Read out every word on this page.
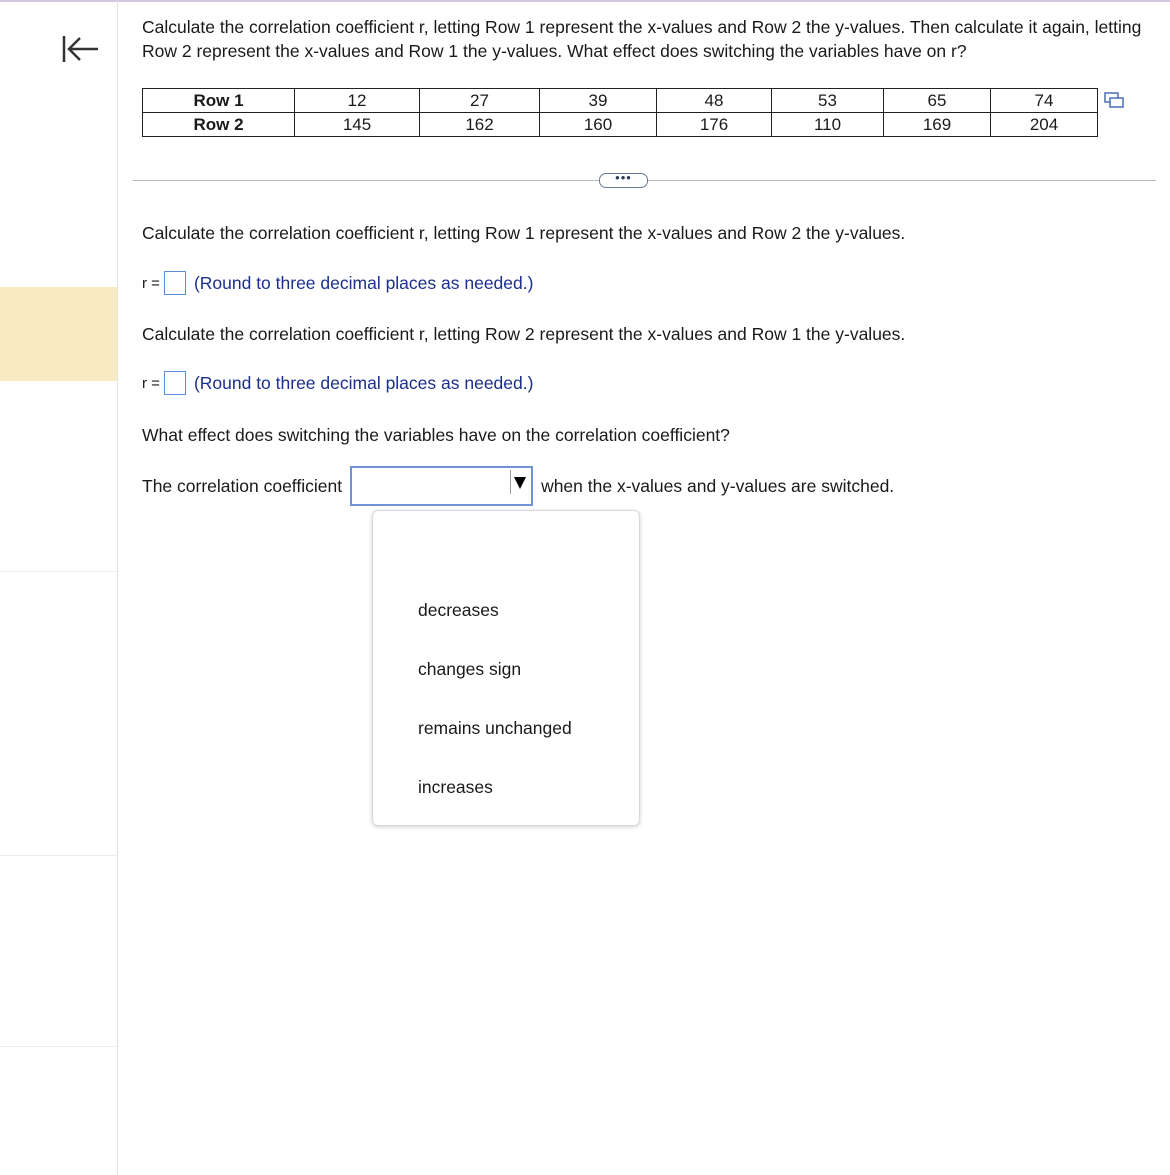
Calculate the correlation coefficient r, letting Row 1 represent the x-values and Row 2 the y-values. Then calculate it again, letting Row 2 represent the x-values and Row 1 the y-values. What effect does switching the variables have on r?
Row 1	12	27	39	48	53	65	74
Row 2	145	162	160	176	110	169	204
•••
Calculate the correlation coefficient r, letting Row 1 represent the x-values and Row 2 the y-values.
r = (Round to three decimal places as needed.)
Calculate the correlation coefficient r, letting Row 2 represent the x-values and Row 1 the y-values.
r = (Round to three decimal places as needed.)
What effect does switching the variables have on the correlation coefficient?
The correlation coefficient	when the x-values and y-values are switched.
decreases
changes sign
remains unchanged
increases
